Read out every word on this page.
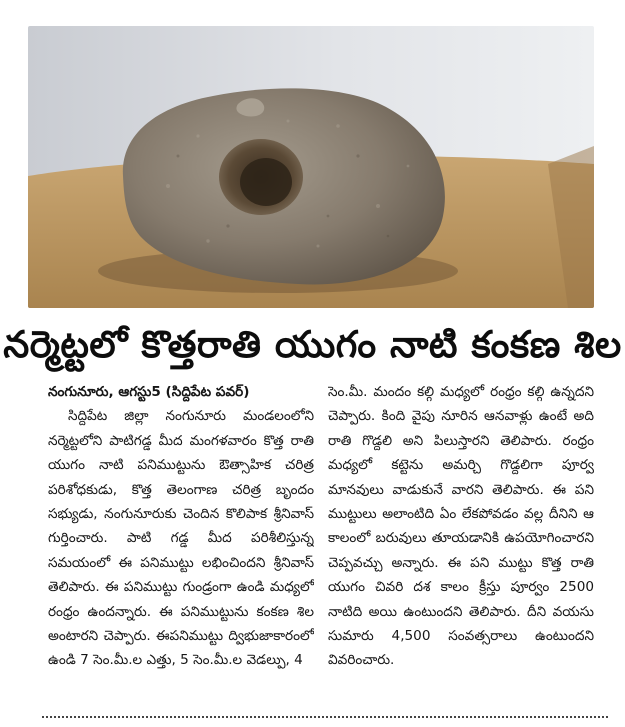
నర్మెట్టలో కొత్తరాతి యుగం నాటి కంకణ శిల
నంగునూరు, ఆగస్టు5 (సిద్దిపేట పవర్)
సిద్దిపేట జిల్లా నంగునూరు మండలంలోని నర్మెట్టలోని పాటిగడ్డ మీద మంగళవారం కొత్త రాతి యుగం నాటి పనిముట్టును ఔత్సాహిక చరిత్ర పరిశోధకుడు, కొత్త తెలంగాణ చరిత్ర బృందం సభ్యుడు, నంగునూరుకు చెందిన కొలిపాక శ్రీనివాస్ గుర్తించారు. పాటి గడ్డ మీద పరిశీలిస్తున్న సమయంలో ఈ పనిముట్టు లభించిందని శ్రీనివాస్ తెలిపారు. ఈ పనిముట్టు గుండ్రంగా ఉండి మధ్యలో రంధ్రం ఉందన్నారు. ఈ పనిముట్టును కంకణ శిల అంటారని చెప్పారు. ఈపనిముట్టు ద్విభుజాకారంలో ఉండి 7 సెం.మీ.ల ఎత్తు, 5 సెం.మీ.ల వెడల్పు, 4
సెం.మీ. మందం కల్గి మధ్యలో రంధ్రం కల్గి ఉన్నదని చెప్పారు. కింది వైపు నూరిన ఆనవాళ్లు ఉంటే అది రాతి గొడ్దలి అని పిలుస్తారని తెలిపారు. రంధ్రం మధ్యలో కట్టెను అమర్చి గొడ్దలిగా పూర్వ మానవులు వాడుకునే వారని తెలిపారు. ఈ పని ముట్టులు అలాంటిది ఏం లేకపోవడం వల్ల దీనిని ఆ కాలంలో బరువులు తూయడానికి ఉపయోగించారని చెప్పవచ్చు అన్నారు. ఈ పని ముట్టు కొత్త రాతి యుగం చివరి దశ కాలం క్రీస్తు పూర్వం 2500 నాటిది అయి ఉంటుందని తెలిపారు. దీని వయసు సుమారు 4,500 సంవత్సరాలు ఉంటుందని వివరించారు.
